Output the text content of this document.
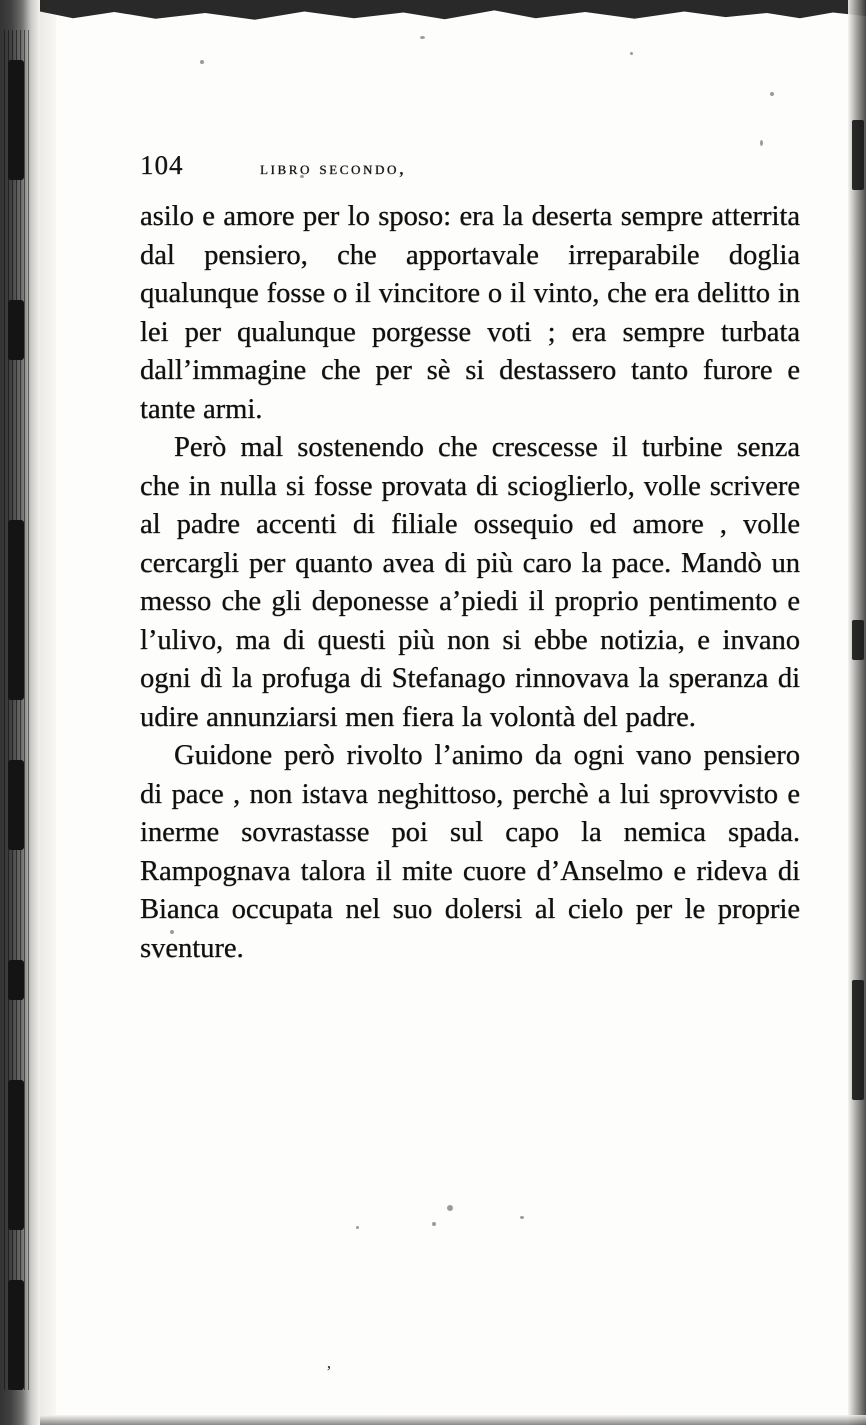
104	libro secondo,

asilo e amore per lo sposo: era la deserta sempre atterrita dal pensiero, che apportavale irreparabile doglia qualunque fosse o il vincitore o il vinto, che era delitto in lei per qualunque porgesse voti ; era sempre turbata dall’immagine che per sè si destassero tanto furore e tante armi.

Però mal sostenendo che crescesse il turbine senza che in nulla si fosse provata di scioglierlo, volle scrivere al padre accenti di filiale ossequio ed amore , volle cercargli per quanto avea di più caro la pace. Mandò un messo che gli deponesse a’piedi il proprio pentimento e l’ulivo, ma di questi più non si ebbe notizia, e invano ogni dì la profuga di Stefanago rinnovava la speranza di udire annunziarsi men fiera la volontà del padre.

Guidone però rivolto l’animo da ogni vano pensiero di pace , non istava neghittoso, perchè a lui sprovvisto e inerme sovrastasse poi sul capo la nemica spada. Rampognava talora il mite cuore d’Anselmo e rideva di Bianca occupata nel suo dolersi al cielo per le proprie sventure.

’
